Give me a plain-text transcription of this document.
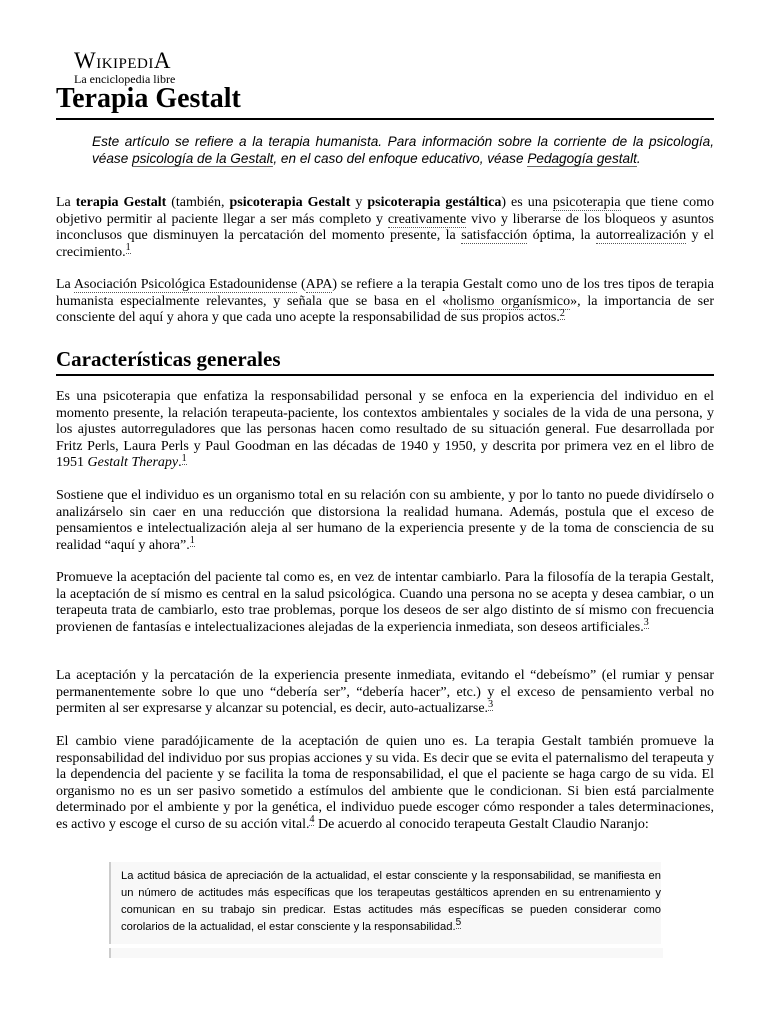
WikipediA
La enciclopedia libre
Terapia Gestalt
Este artículo se refiere a la terapia humanista. Para información sobre la corriente de la psicología, véase psicología de la Gestalt, en el caso del enfoque educativo, véase Pedagogía gestalt.

La terapia Gestalt (también, psicoterapia Gestalt y psicoterapia gestáltica) es una psicoterapia que tiene como objetivo permitir al paciente llegar a ser más completo y creativamente vivo y liberarse de los bloqueos y asuntos inconclusos que disminuyen la percatación del momento presente, la satisfacción óptima, la autorrealización y el crecimiento.$^1$

La Asociación Psicológica Estadounidense (APA) se refiere a la terapia Gestalt como uno de los tres tipos de terapia humanista especialmente relevantes, y señala que se basa en el «holismo organísmico», la importancia de ser consciente del aquí y ahora y que cada uno acepte la responsabilidad de sus propios actos.$^2$

Características generales

Es una psicoterapia que enfatiza la responsabilidad personal y se enfoca en la experiencia del individuo en el momento presente, la relación terapeuta-paciente, los contextos ambientales y sociales de la vida de una persona, y los ajustes autorreguladores que las personas hacen como resultado de su situación general. Fue desarrollada por Fritz Perls, Laura Perls y Paul Goodman en las décadas de 1940 y 1950, y descrita por primera vez en el libro de 1951 Gestalt Therapy.$^1$

Sostiene que el individuo es un organismo total en su relación con su ambiente, y por lo tanto no puede dividírselo o analizárselo sin caer en una reducción que distorsiona la realidad humana. Además, postula que el exceso de pensamientos e intelectualización aleja al ser humano de la experiencia presente y de la toma de consciencia de su realidad “aquí y ahora”.$^1$

Promueve la aceptación del paciente tal como es, en vez de intentar cambiarlo. Para la filosofía de la terapia Gestalt, la aceptación de sí mismo es central en la salud psicológica. Cuando una persona no se acepta y desea cambiar, o un terapeuta trata de cambiarlo, esto trae problemas, porque los deseos de ser algo distinto de sí mismo con frecuencia provienen de fantasías e intelectualizaciones alejadas de la experiencia inmediata, son deseos artificiales.$^3$

La aceptación y la percatación de la experiencia presente inmediata, evitando el “debeísmo” (el rumiar y pensar permanentemente sobre lo que uno “debería ser”, “debería hacer”, etc.) y el exceso de pensamiento verbal no permiten al ser expresarse y alcanzar su potencial, es decir, auto-actualizarse.$^3$

El cambio viene paradójicamente de la aceptación de quien uno es. La terapia Gestalt también promueve la responsabilidad del individuo por sus propias acciones y su vida. Es decir que se evita el paternalismo del terapeuta y la dependencia del paciente y se facilita la toma de responsabilidad, el que el paciente se haga cargo de su vida. El organismo no es un ser pasivo sometido a estímulos del ambiente que le condicionan. Si bien está parcialmente determinado por el ambiente y por la genética, el individuo puede escoger cómo responder a tales determinaciones, es activo y escoge el curso de su acción vital.$^4$ De acuerdo al conocido terapeuta Gestalt Claudio Naranjo:

La actitud básica de apreciación de la actualidad, el estar consciente y la responsabilidad, se manifiesta en un número de actitudes más específicas que los terapeutas gestálticos aprenden en su entrenamiento y comunican en su trabajo sin predicar. Estas actitudes más específicas se pueden considerar como corolarios de la actualidad, el estar consciente y la responsabilidad.$^5$
